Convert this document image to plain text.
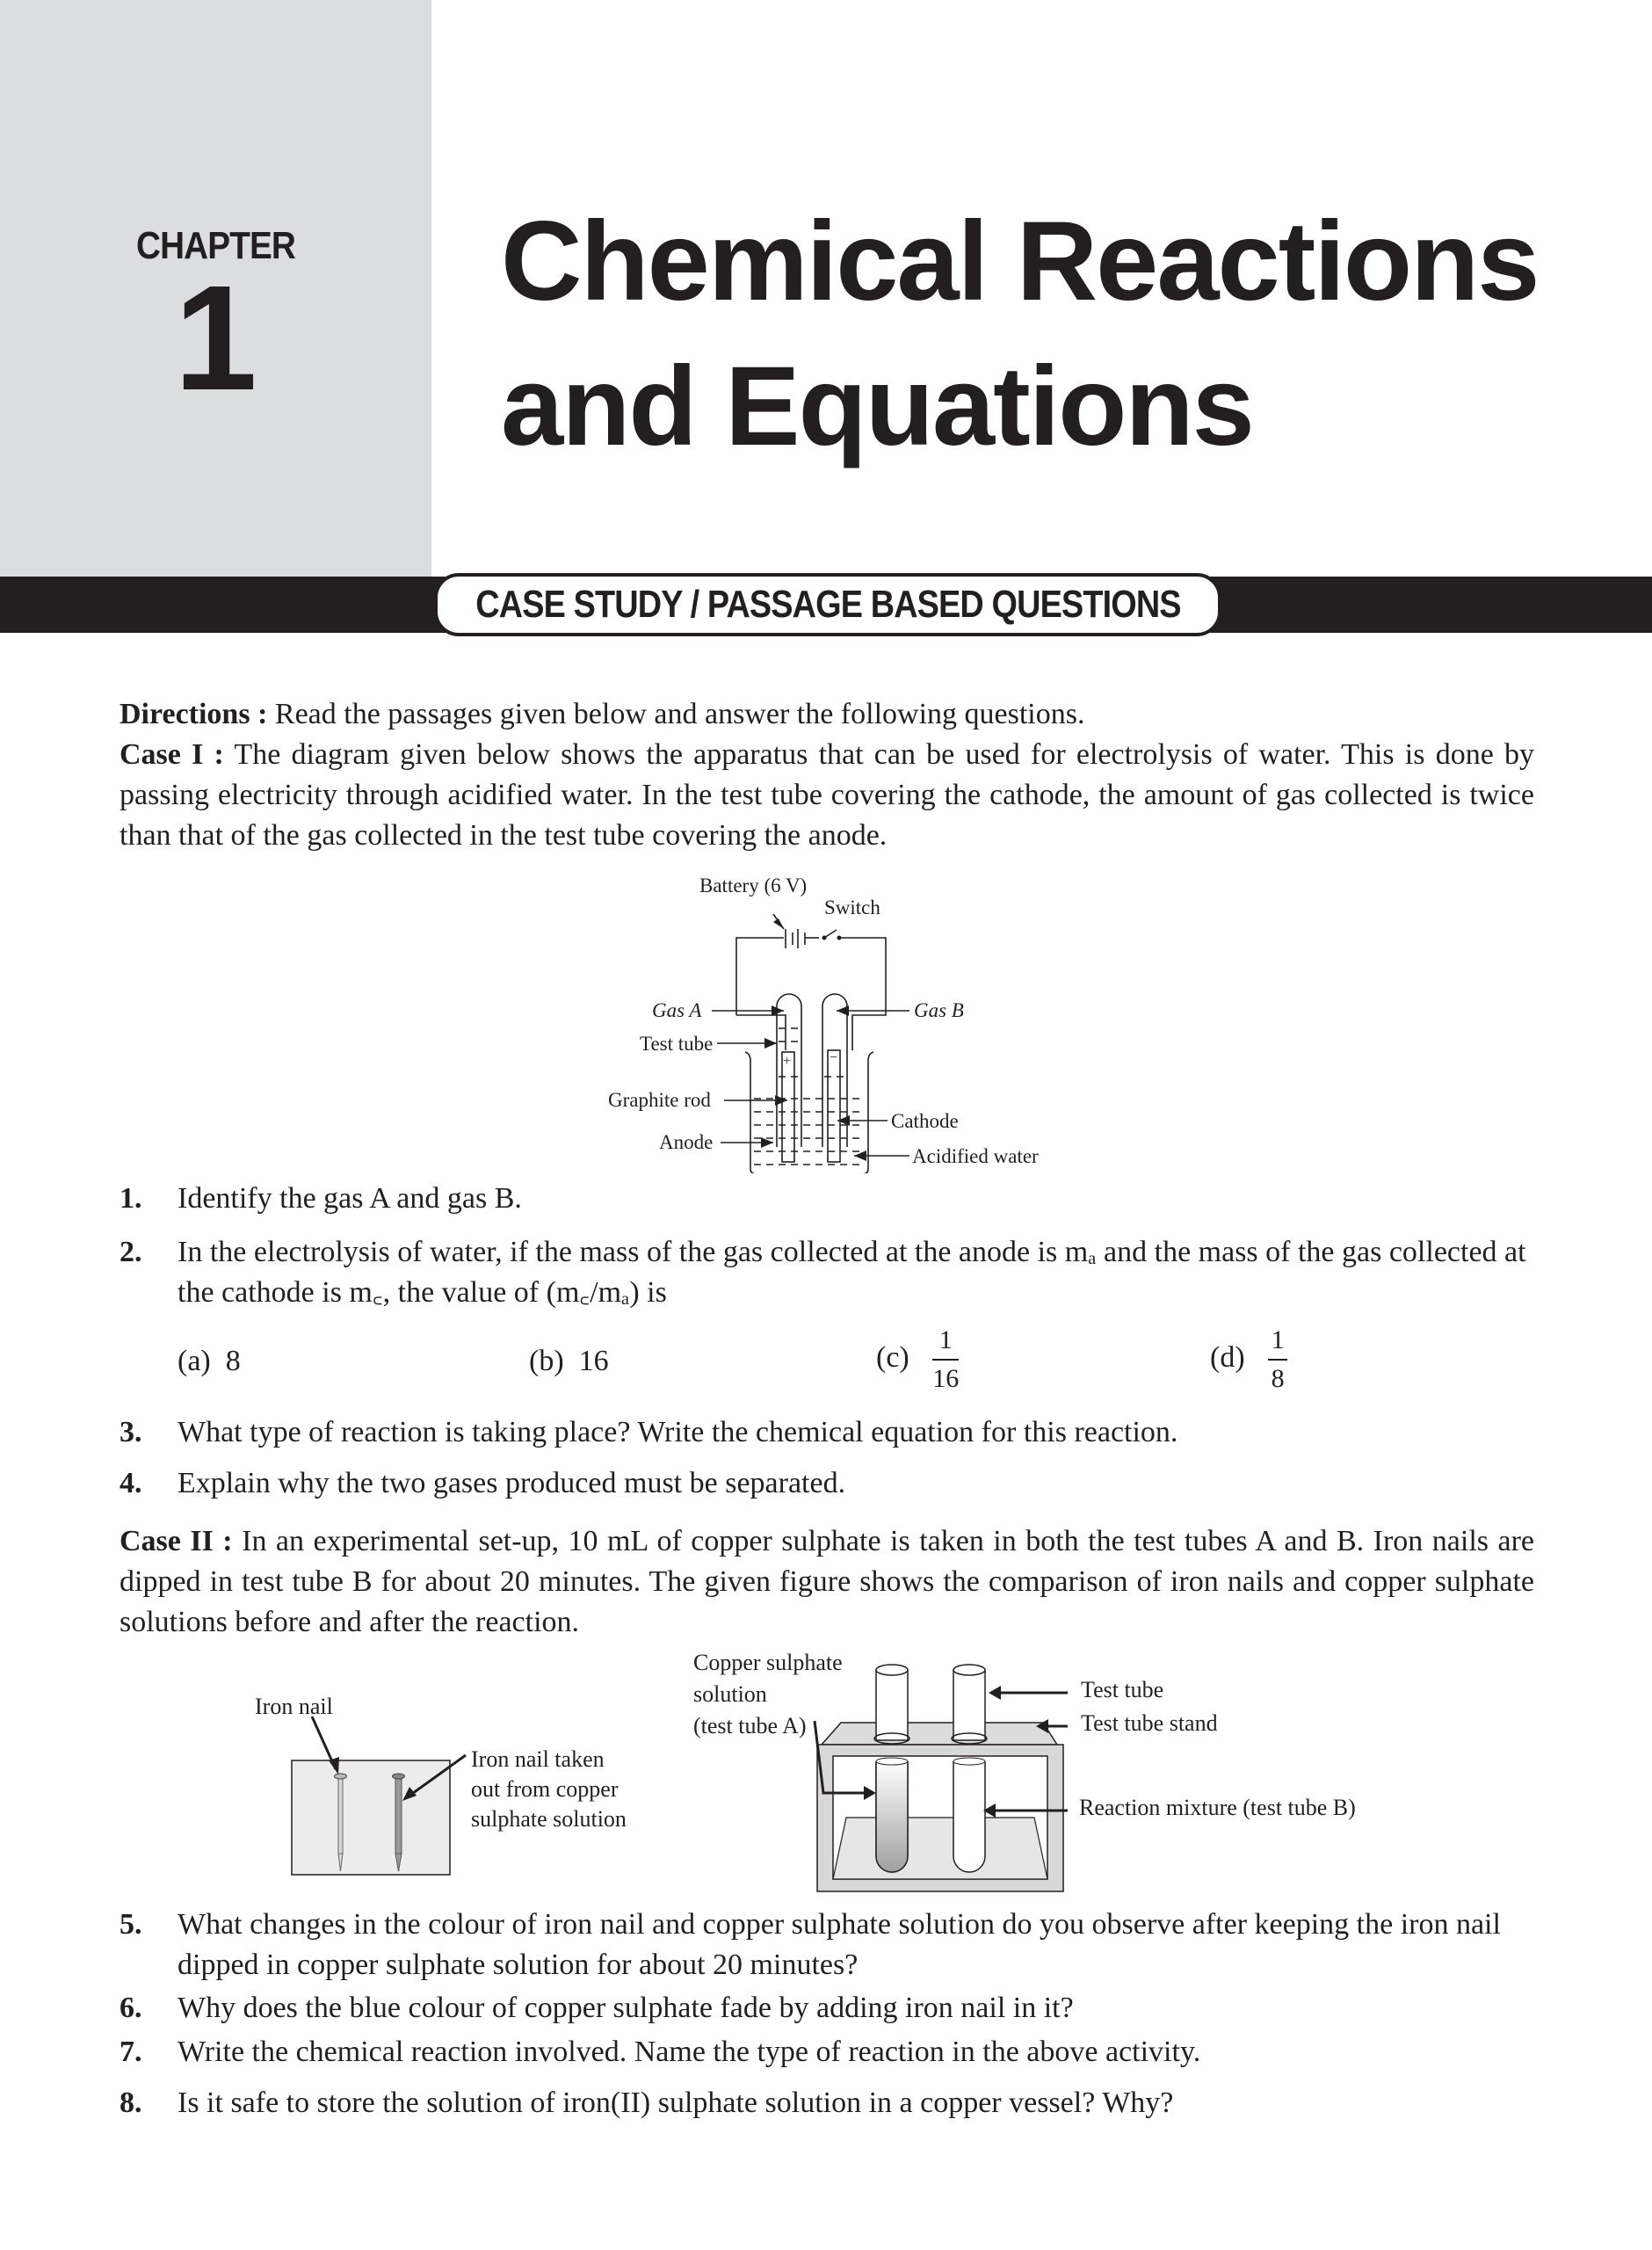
CHAPTER
1	Chemical Reactions
and Equations
CASE STUDY / PASSAGE BASED QUESTIONS
Directions : Read the passages given below and answer the following questions.
Case I : The diagram given below shows the apparatus that can be used for electrolysis of water. This is done by passing electricity through acidified water. In the test tube covering the cathode, the amount of gas collected is twice than that of the gas collected in the test tube covering the anode.
Battery (6 V)
Switch
Gas A	Gas B
Test tube
Graphite rod
Anode
Cathode
Acidified water
+	−
1.	Identify the gas A and gas B.
2.	In the electrolysis of water, if the mass of the gas collected at the anode is mₐ and the mass of the gas collected at the cathode is m꜀, the value of (m꜀/mₐ) is
(a) 8	(b) 16	$(c) \frac{1}{16}$	$(d) \frac{1}{8}$
3.	What type of reaction is taking place? Write the chemical equation for this reaction.
4.	Explain why the two gases produced must be separated.
Case II : In an experimental set-up, 10 mL of copper sulphate is taken in both the test tubes A and B. Iron nails are dipped in test tube B for about 20 minutes. The given figure shows the comparison of iron nails and copper sulphate solutions before and after the reaction.
Iron nail
Iron nail taken
out from copper
sulphate solution
Copper sulphate
solution
(test tube A)
Test tube
Test tube stand
Reaction mixture (test tube B)
5.	What changes in the colour of iron nail and copper sulphate solution do you observe after keeping the iron nail dipped in copper sulphate solution for about 20 minutes?
6.	Why does the blue colour of copper sulphate fade by adding iron nail in it?
7.	Write the chemical reaction involved. Name the type of reaction in the above activity.
8.	Is it safe to store the solution of iron(II) sulphate solution in a copper vessel? Why?
